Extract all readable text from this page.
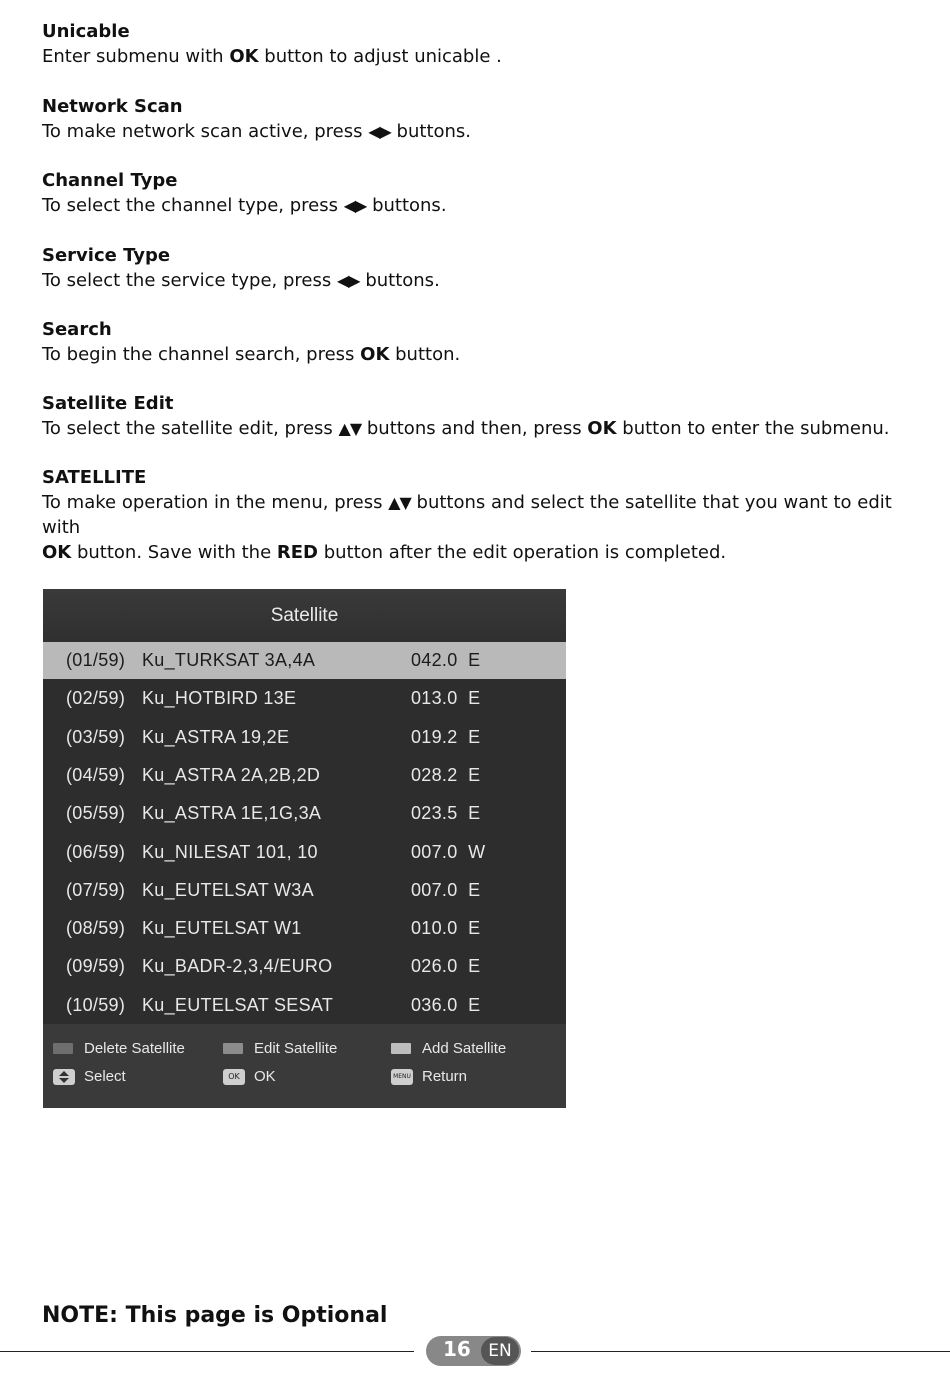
Unicable
Enter submenu with OK button to adjust unicable .
Network Scan
To make network scan active, press ◀▶ buttons.
Channel Type
To select the channel type, press ◀▶ buttons.
Service Type
To select the service type, press ◀▶ buttons.
Search
To begin the channel search, press OK button.
Satellite Edit
To select the satellite edit, press ▲▼ buttons and then, press OK button to enter the submenu.
SATELLITE
To make operation in the menu, press ▲▼ buttons and select the satellite that you want to edit with
OK button. Save with the RED button after the edit operation is completed.
Satellite
(01/59) Ku_TURKSAT 3A,4A	042.0  E
(02/59) Ku_HOTBIRD 13E	013.0  E
(03/59) Ku_ASTRA 19,2E	019.2  E
(04/59) Ku_ASTRA 2A,2B,2D	028.2  E
(05/59) Ku_ASTRA 1E,1G,3A	023.5  E
(06/59) Ku_NILESAT 101, 10	007.0  W
(07/59) Ku_EUTELSAT W3A	007.0  E
(08/59) Ku_EUTELSAT W1	010.0  E
(09/59) Ku_BADR-2,3,4/EURO	026.0  E
(10/59) Ku_EUTELSAT SESAT	036.0  E
Delete Satellite	Edit Satellite	Add Satellite
Select	OK OK	MENU Return
NOTE: This page is Optional
16	EN
